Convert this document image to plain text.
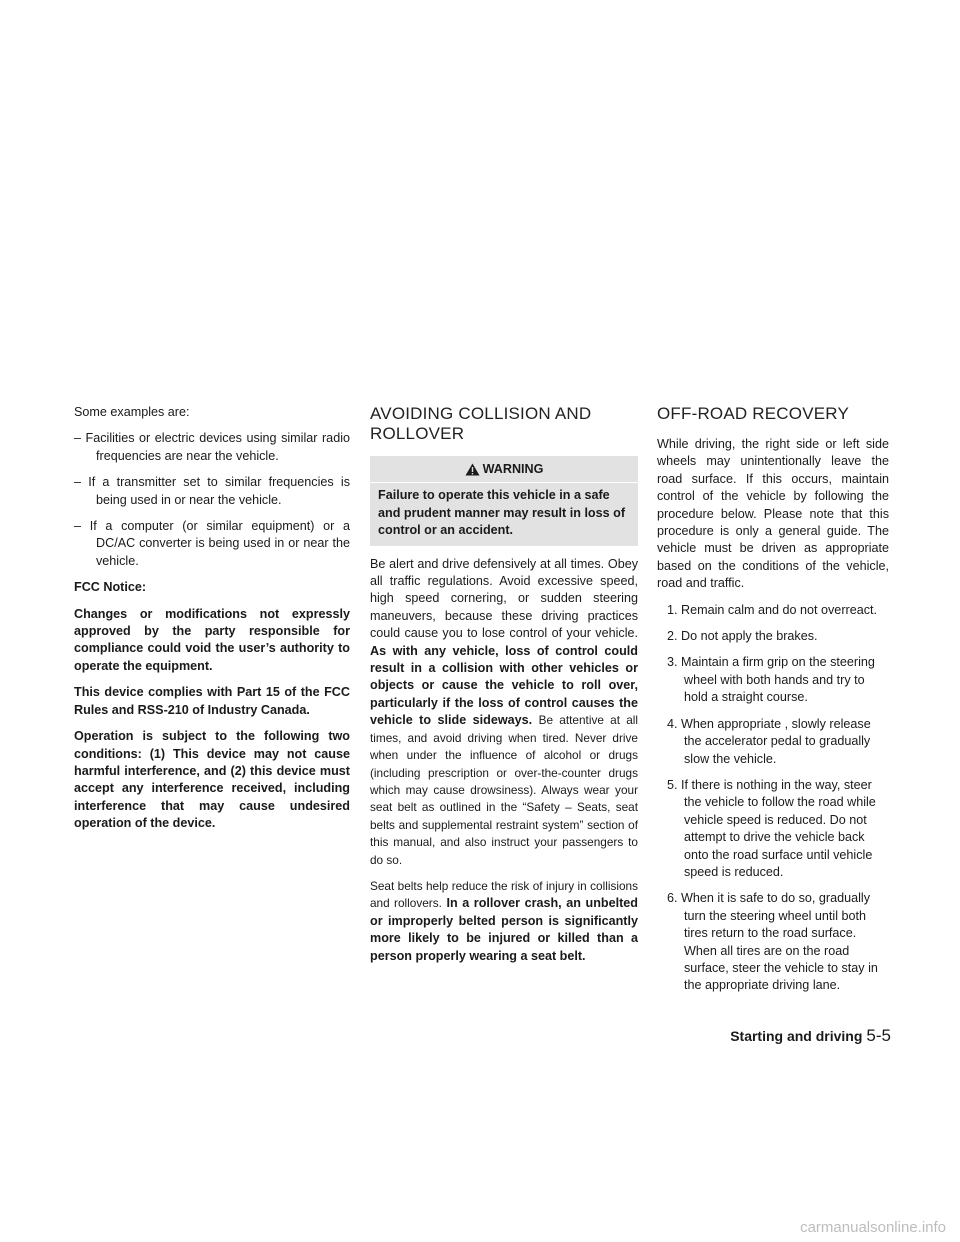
Some examples are:

– Facilities or electric devices using similar radio frequencies are near the vehicle.
– If a transmitter set to similar frequencies is being used in or near the vehicle.
– If a computer (or similar equipment) or a DC/AC converter is being used in or near the vehicle.

FCC Notice:

Changes or modifications not expressly approved by the party responsible for compliance could void the user’s authority to operate the equipment.

This device complies with Part 15 of the FCC Rules and RSS-210 of Industry Canada.

Operation is subject to the following two conditions: (1) This device may not cause harmful interference, and (2) this device must accept any interference received, including interference that may cause undesired operation of the device.

AVOIDING COLLISION AND ROLLOVER
WARNING
Failure to operate this vehicle in a safe and prudent manner may result in loss of control or an accident.

Be alert and drive defensively at all times. Obey all traffic regulations. Avoid excessive speed, high speed cornering, or sudden steering maneuvers, because these driving practices could cause you to lose control of your vehicle. As with any vehicle, loss of control could result in a collision with other vehicles or objects or cause the vehicle to roll over, particularly if the loss of control causes the vehicle to slide sideways. Be attentive at all times, and avoid driving when tired. Never drive when under the influence of alcohol or drugs (including prescription or over-the-counter drugs which may cause drowsiness). Always wear your seat belt as outlined in the “Safety – Seats, seat belts and supplemental restraint system” section of this manual, and also instruct your passengers to do so.

Seat belts help reduce the risk of injury in collisions and rollovers. In a rollover crash, an unbelted or improperly belted person is significantly more likely to be injured or killed than a person properly wearing a seat belt.

OFF-ROAD RECOVERY

While driving, the right side or left side wheels may unintentionally leave the road surface. If this occurs, maintain control of the vehicle by following the procedure below. Please note that this procedure is only a general guide. The vehicle must be driven as appropriate based on the conditions of the vehicle, road and traffic.

1. Remain calm and do not overreact.
2. Do not apply the brakes.
3. Maintain a firm grip on the steering wheel with both hands and try to hold a straight course.
4. When appropriate , slowly release the accelerator pedal to gradually slow the vehicle.
5. If there is nothing in the way, steer the vehicle to follow the road while vehicle speed is reduced. Do not attempt to drive the vehicle back onto the road surface until vehicle speed is reduced.
6. When it is safe to do so, gradually turn the steering wheel until both tires return to the road surface. When all tires are on the road surface, steer the vehicle to stay in the appropriate driving lane.
Starting and driving 5-5
carmanualsonline.info
